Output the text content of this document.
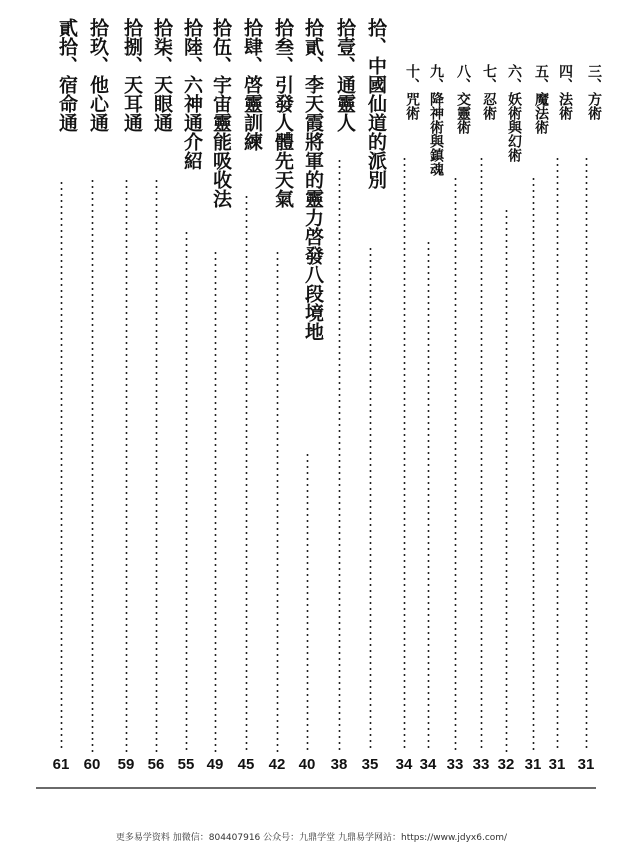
三、方術
31
四、法術
31
五、魔法術
31
六、妖術與幻術
32
七、忍術
33
八、交靈術
33
九、降神術與鎮魂
34
十、咒術
34
拾、中國仙道的派別
35
拾壹、通靈人
38
拾貳、李天霞將軍的靈力啓發八段境地
40
拾叁、引發人體先天氣
42
拾肆、啓靈訓練
45
拾伍、宇宙靈能吸收法
49
拾陸、六神通介紹
55
拾柒、天眼通
56
拾捌、天耳通
59
拾玖、他心通
60
貳拾、宿命通
61
更多易学资料 加微信：804407916 公众号：九鼎学堂 九鼎易学网站：https://www.jdyx6.com/
